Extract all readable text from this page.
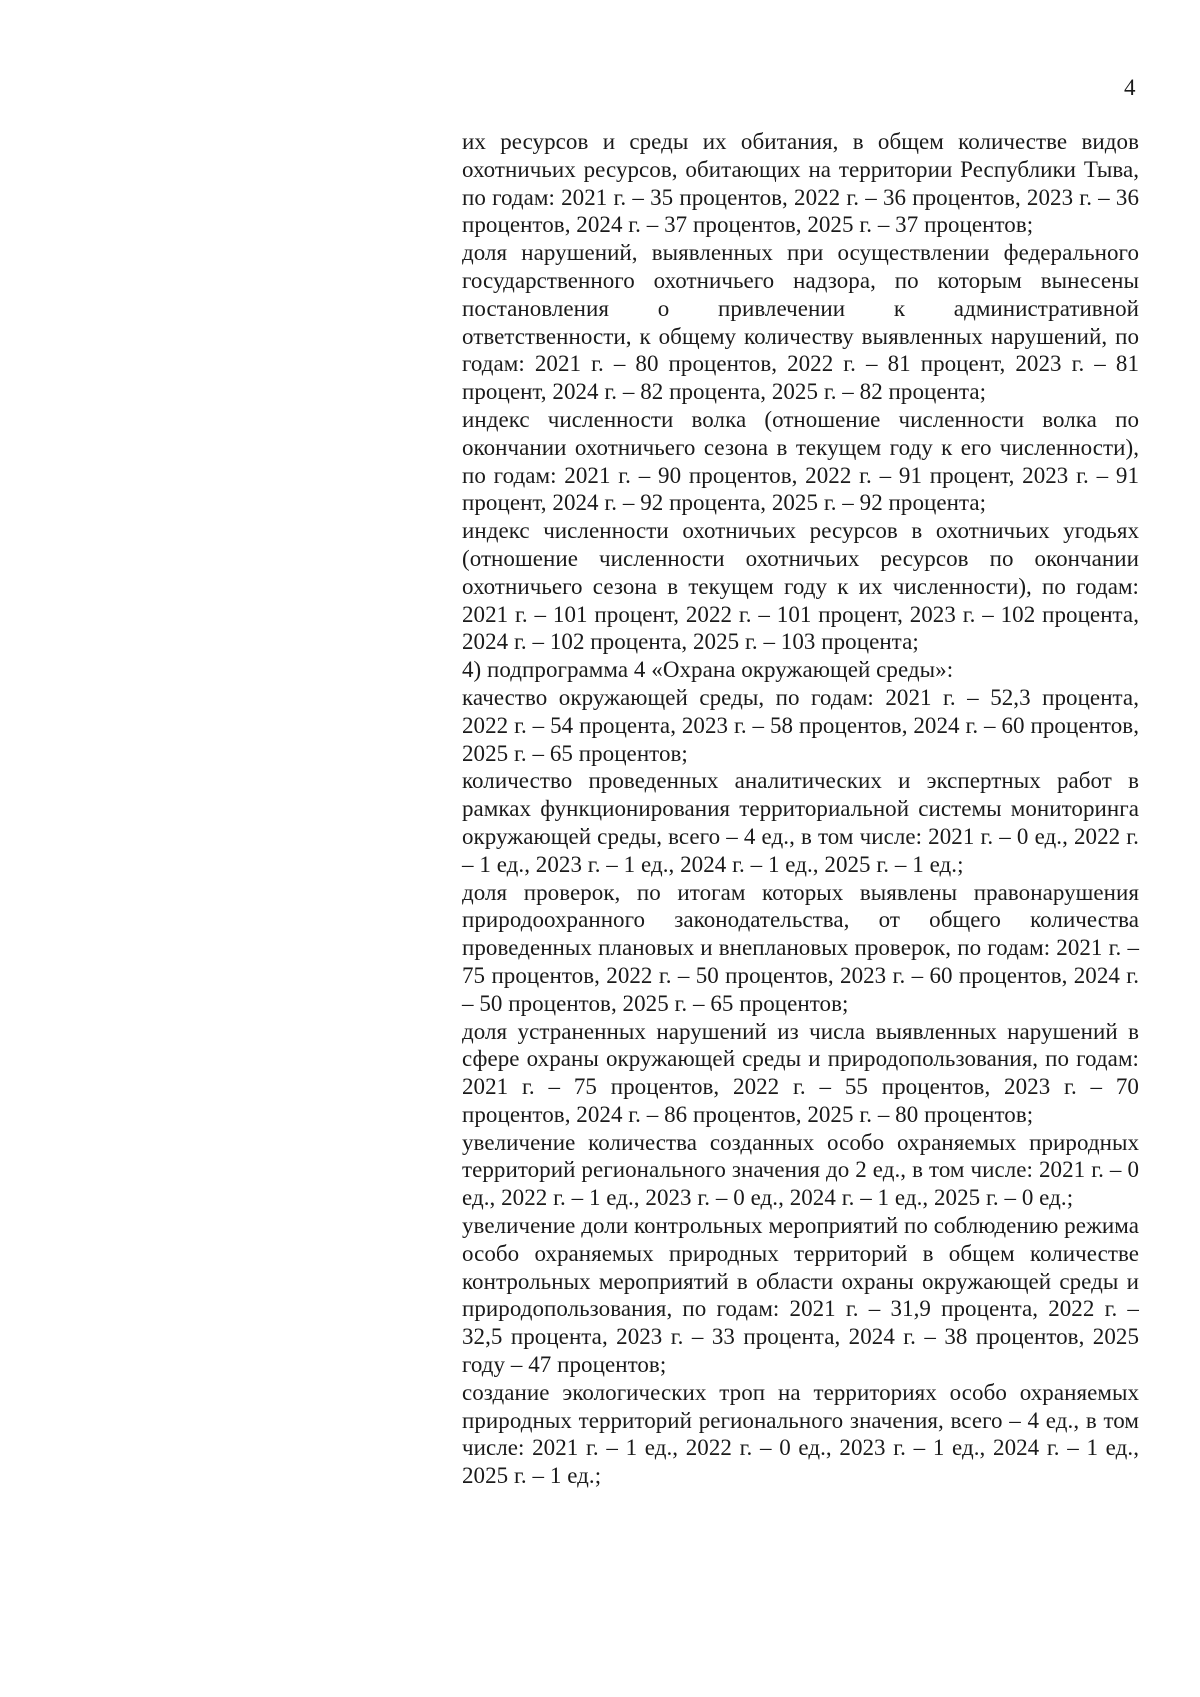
4

их ресурсов и среды их обитания, в общем количестве видов охотничьих ресурсов, обитающих на территории Республики Тыва, по годам: 2021 г. – 35 процентов, 2022 г. – 36 процентов, 2023 г. – 36 процентов, 2024 г. – 37 процентов, 2025 г. – 37 процентов;

доля нарушений, выявленных при осуществлении федерального государственного охотничьего надзора, по которым вынесены постановления о привлечении к административной ответственности, к общему количеству выявленных нарушений, по годам: 2021 г. – 80 процентов, 2022 г. – 81 процент, 2023 г. – 81 процент, 2024 г. – 82 процента, 2025 г. – 82 процента;

индекс численности волка (отношение численности волка по окончании охотничьего сезона в текущем году к его численности), по годам: 2021 г. – 90 процентов, 2022 г. – 91 процент, 2023 г. – 91 процент, 2024 г. – 92 процента, 2025 г. – 92 процента;

индекс численности охотничьих ресурсов в охотничьих угодьях (отношение численности охотничьих ресурсов по окончании охотничьего сезона в текущем году к их численности), по годам: 2021 г. – 101 процент, 2022 г. – 101 процент, 2023 г. – 102 процента, 2024 г. – 102 процента, 2025 г. – 103 процента;

4) подпрограмма 4 «Охрана окружающей среды»:

качество окружающей среды, по годам: 2021 г. – 52,3 процента, 2022 г. – 54 процента, 2023 г. – 58 процентов, 2024 г. – 60 процентов, 2025 г. – 65 процентов;

количество проведенных аналитических и экспертных работ в рамках функционирования территориальной системы мониторинга окружающей среды, всего – 4 ед., в том числе: 2021 г. – 0 ед., 2022 г. – 1 ед., 2023 г. – 1 ед., 2024 г. – 1 ед., 2025 г. – 1 ед.;

доля проверок, по итогам которых выявлены правонарушения природоохранного законодательства, от общего количества проведенных плановых и внеплановых проверок, по годам: 2021 г. – 75 процентов, 2022 г. – 50 процентов, 2023 г. – 60 процентов, 2024 г. – 50 процентов, 2025 г. – 65 процентов;

доля устраненных нарушений из числа выявленных нарушений в сфере охраны окружающей среды и природопользования, по годам: 2021 г. – 75 процентов, 2022 г. – 55 процентов, 2023 г. – 70 процентов, 2024 г. – 86 процентов, 2025 г. – 80 процентов;

увеличение количества созданных особо охраняемых природных территорий регионального значения до 2 ед., в том числе: 2021 г. – 0 ед., 2022 г. – 1 ед., 2023 г. – 0 ед., 2024 г. – 1 ед., 2025 г. – 0 ед.;

увеличение доли контрольных мероприятий по соблюдению режима особо охраняемых природных территорий в общем количестве контрольных мероприятий в области охраны окружающей среды и природопользования, по годам: 2021 г. – 31,9 процента, 2022 г. – 32,5 процента, 2023 г. – 33 процента, 2024 г. – 38 процентов, 2025 году – 47 процентов;

создание экологических троп на территориях особо охраняемых природных территорий регионального значения, всего – 4 ед., в том числе: 2021 г. – 1 ед., 2022 г. – 0 ед., 2023 г. – 1 ед., 2024 г. – 1 ед., 2025 г. – 1 ед.;
